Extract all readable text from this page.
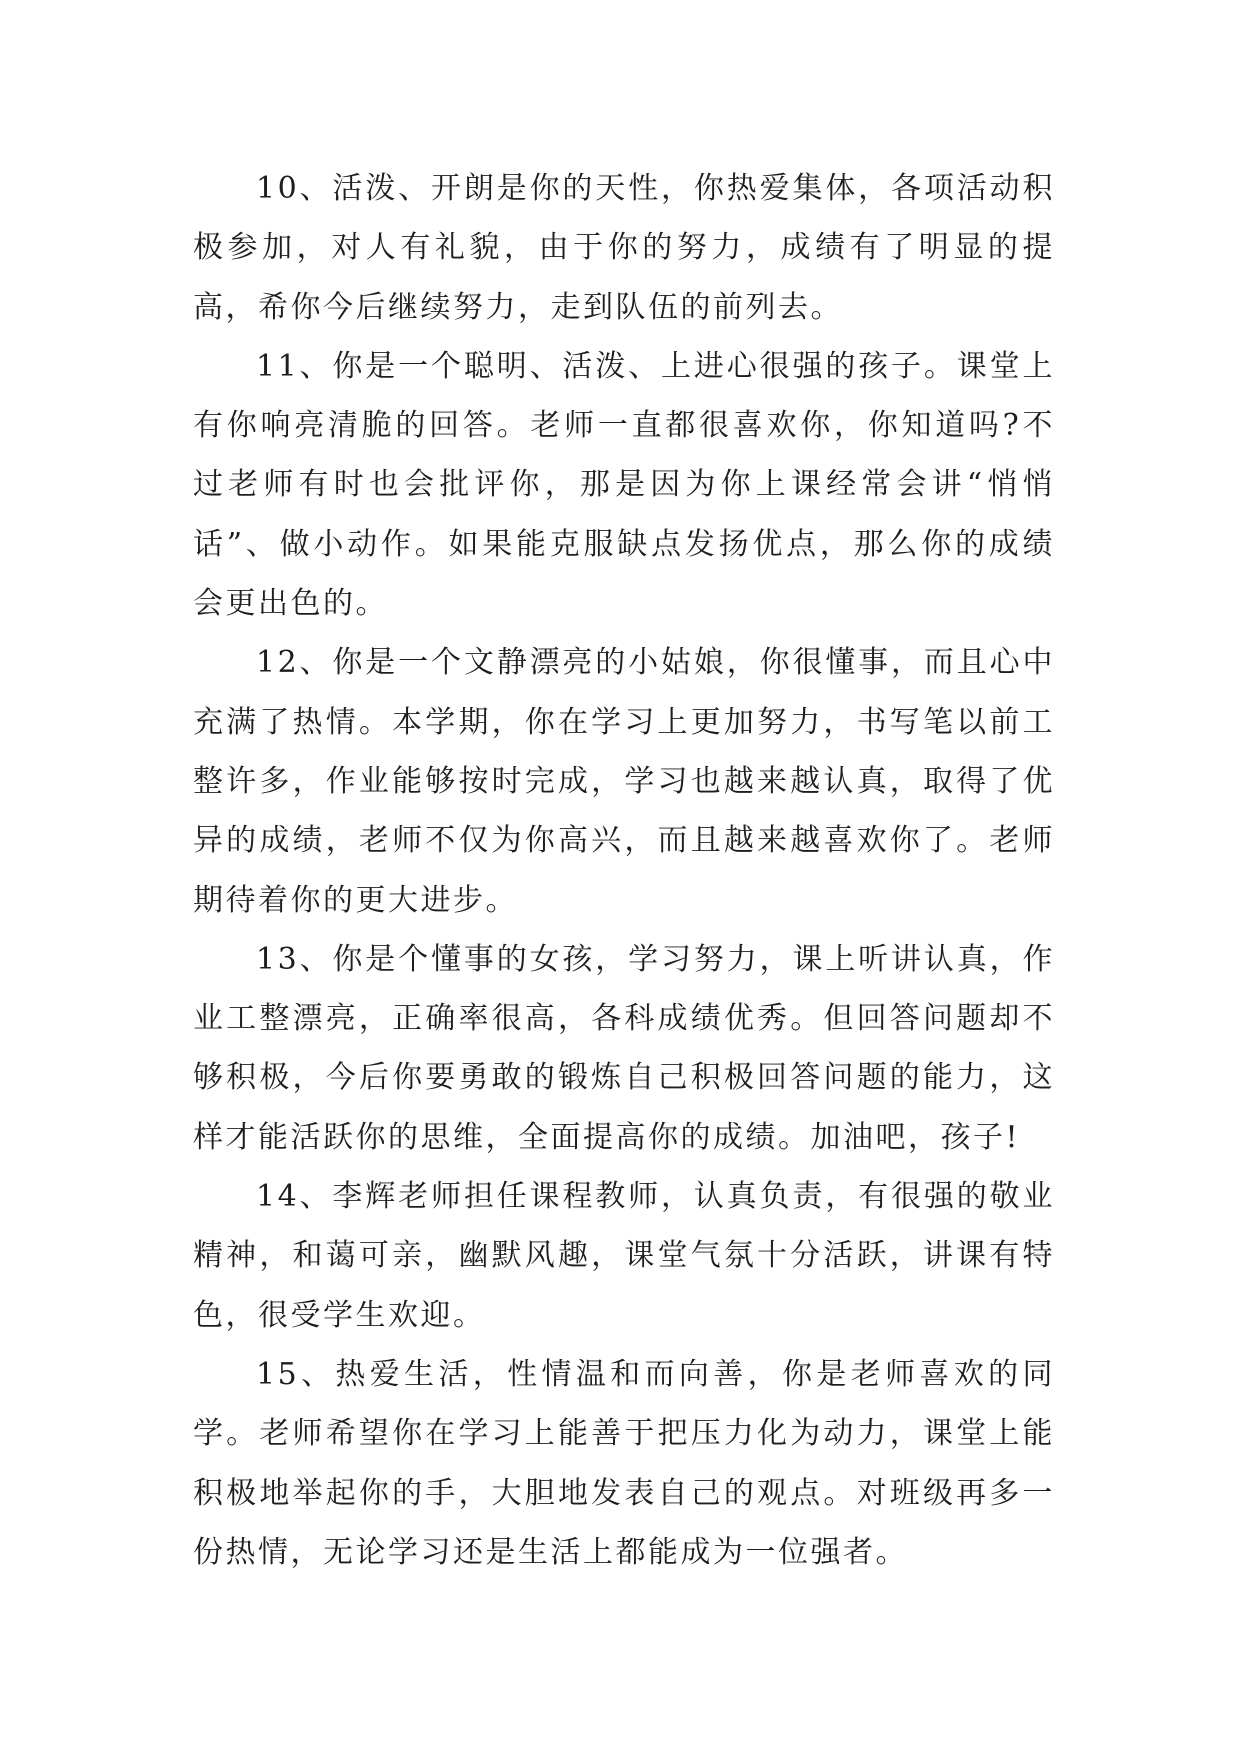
10、活泼、开朗是你的天性，你热爱集体，各项活动积极参加，对人有礼貌，由于你的努力，成绩有了明显的提高，希你今后继续努力，走到队伍的前列去。

11、你是一个聪明、活泼、上进心很强的孩子。课堂上有你响亮清脆的回答。老师一直都很喜欢你，你知道吗?不过老师有时也会批评你，那是因为你上课经常会讲“悄悄话”、做小动作。如果能克服缺点发扬优点，那么你的成绩会更出色的。

12、你是一个文静漂亮的小姑娘，你很懂事，而且心中充满了热情。本学期，你在学习上更加努力，书写笔以前工整许多，作业能够按时完成，学习也越来越认真，取得了优异的成绩，老师不仅为你高兴，而且越来越喜欢你了。老师期待着你的更大进步。

13、你是个懂事的女孩，学习努力，课上听讲认真，作业工整漂亮，正确率很高，各科成绩优秀。但回答问题却不够积极，今后你要勇敢的锻炼自己积极回答问题的能力，这样才能活跃你的思维，全面提高你的成绩。加油吧，孩子!

14、李辉老师担任课程教师，认真负责，有很强的敬业精神，和蔼可亲，幽默风趣，课堂气氛十分活跃，讲课有特色，很受学生欢迎。

15、热爱生活，性情温和而向善，你是老师喜欢的同学。老师希望你在学习上能善于把压力化为动力，课堂上能积极地举起你的手，大胆地发表自己的观点。对班级再多一份热情，无论学习还是生活上都能成为一位强者。
